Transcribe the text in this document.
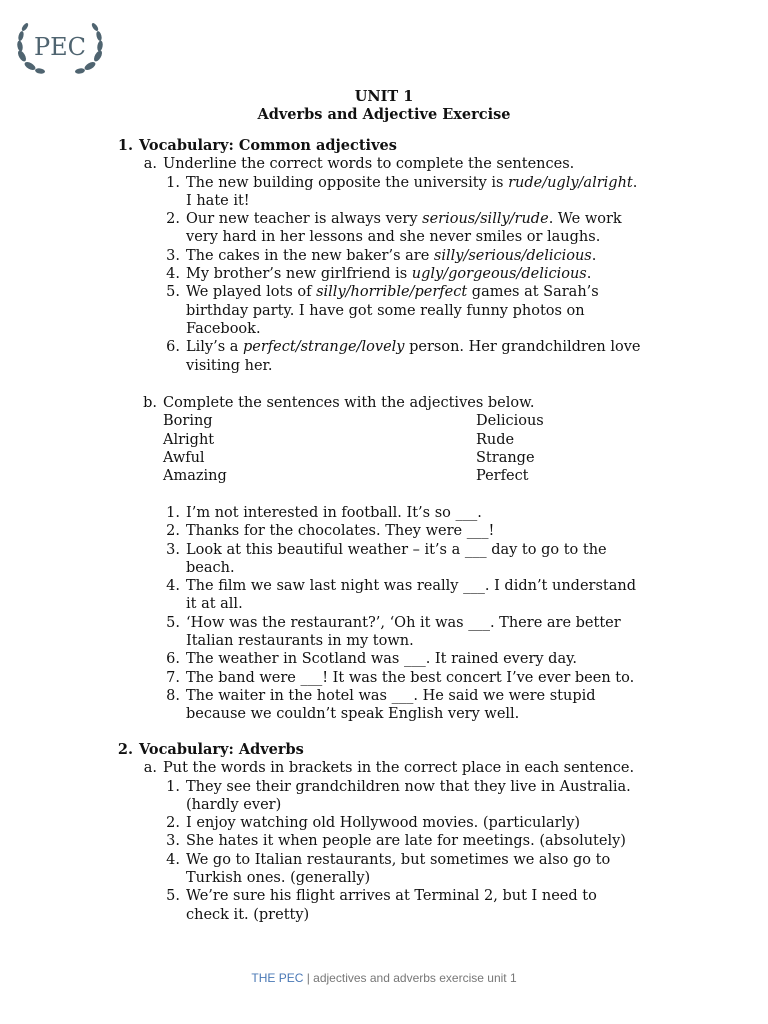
PEC
UNIT 1
Adverbs and Adjective Exercise
1. Vocabulary: Common adjectives
a. Underline the correct words to complete the sentences.
1. The new building opposite the university is rude/ugly/alright.
I hate it!
2. Our new teacher is always very serious/silly/rude. We work
very hard in her lessons and she never smiles or laughs.
3. The cakes in the new baker’s are silly/serious/delicious.
4. My brother’s new girlfriend is ugly/gorgeous/delicious.
5. We played lots of silly/horrible/perfect games at Sarah’s
birthday party. I have got some really funny photos on
Facebook.
6. Lily’s a perfect/strange/lovely person. Her grandchildren love
visiting her.
b. Complete the sentences with the adjectives below.
Boring
Alright
Awful
Amazing
Delicious
Rude
Strange
Perfect
1. I’m not interested in football. It’s so ___.
2. Thanks for the chocolates. They were ___!
3. Look at this beautiful weather – it’s a ___ day to go to the
beach.
4. The film we saw last night was really ___. I didn’t understand
it at all.
5. ‘How was the restaurant?’, ‘Oh it was ___. There are better
Italian restaurants in my town.
6. The weather in Scotland was ___. It rained every day.
7. The band were ___! It was the best concert I’ve ever been to.
8. The waiter in the hotel was ___. He said we were stupid
because we couldn’t speak English very well.
2. Vocabulary: Adverbs
a. Put the words in brackets in the correct place in each sentence.
1. They see their grandchildren now that they live in Australia.
(hardly ever)
2. I enjoy watching old Hollywood movies. (particularly)
3. She hates it when people are late for meetings. (absolutely)
4. We go to Italian restaurants, but sometimes we also go to
Turkish ones. (generally)
5. We’re sure his flight arrives at Terminal 2, but I need to
check it. (pretty)
THE PEC | adjectives and adverbs exercise unit 1
